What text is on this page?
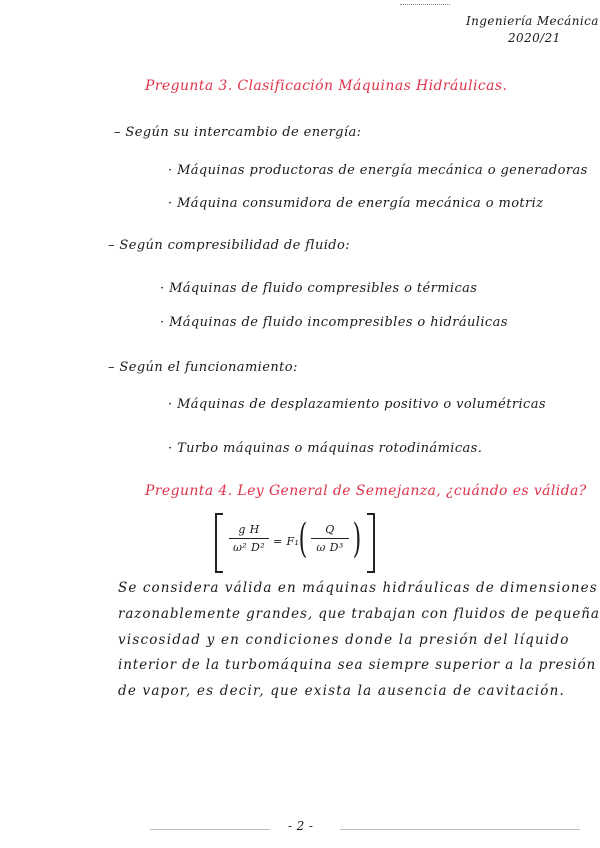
Ingeniería Mecánica
2020/21
Pregunta 3. Clasificación Máquinas Hidráulicas.
– Según su intercambio de energía:
· Máquinas productoras de energía mecánica o generadoras
· Máquina consumidora de energía mecánica o motriz
– Según compresibilidad de fluido:
· Máquinas de fluido compresibles o térmicas
· Máquinas de fluido incompresibles o hidráulicas
– Según el funcionamiento:
· Máquinas de desplazamiento positivo o volumétricas
· Turbo máquinas o máquinas rotodinámicas.
Pregunta 4. Ley General de Semejanza, ¿cuándo es válida?
g H
ω² D² = F₁ (	Q
ω D³ )
Se considera válida en máquinas hidráulicas de dimensiones
razonablemente grandes, que trabajan con fluidos de pequeña
viscosidad y en condiciones donde la presión del líquido
interior de la turbomáquina sea siempre superior a la presión
de vapor, es decir, que exista la ausencia de cavitación.
- 2 -
